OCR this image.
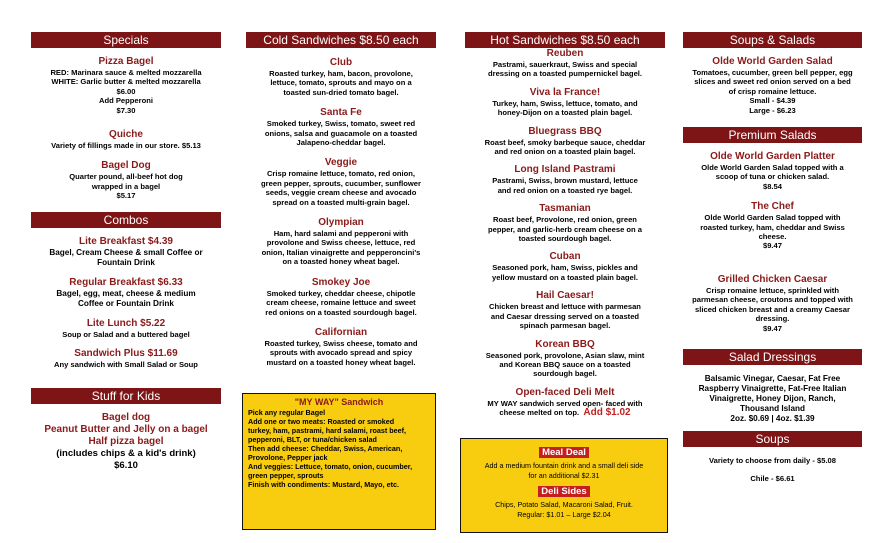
Specials
Pizza Bagel
RED: Marinara sauce & melted mozzarella
WHITE: Garlic butter & melted mozzarella
$6.00
Add Pepperoni
$7.30
Quiche
Variety of fillings made in our store. $5.13
Bagel Dog
Quarter pound, all-beef hot dog
wrapped in a bagel
$5.17
Combos
Lite Breakfast $4.39
Bagel, Cream Cheese & small Coffee or
Fountain Drink
Regular Breakfast $6.33
Bagel, egg, meat, cheese & medium
Coffee or Fountain Drink
Lite Lunch $5.22
Soup or Salad and a buttered bagel
Sandwich Plus $11.69
Any sandwich with Small Salad or Soup
Stuff for Kids
Bagel dog
Peanut Butter and Jelly on a bagel
Half pizza bagel
(includes chips & a kid's drink)
$6.10
Cold Sandwiches $8.50 each
Club
Roasted turkey, ham, bacon, provolone,
lettuce, tomato, sprouts and mayo on a
toasted sun-dried tomato bagel.
Santa Fe
Smoked turkey, Swiss, tomato, sweet red
onions, salsa and guacamole on a toasted
Jalapeno-cheddar bagel.
Veggie
Crisp romaine lettuce, tomato, red onion,
green pepper, sprouts, cucumber, sunflower
seeds, veggie cream cheese and avocado
spread on a toasted multi-grain bagel.
Olympian
Ham, hard salami and pepperoni with
provolone and Swiss cheese, lettuce, red
onion, Italian vinaigrette and pepperoncini's
on a toasted honey wheat bagel.
Smokey Joe
Smoked turkey, cheddar cheese, chipotle
cream cheese, romaine lettuce and sweet
red onions on a toasted sourdough bagel.
Californian
Roasted turkey, Swiss cheese, tomato and
sprouts with avocado spread and spicy
mustard on a toasted honey wheat bagel.
"MY WAY" Sandwich
Pick any regular Bagel
Add one or two meats: Roasted or smoked
turkey, ham, pastrami, hard salami, roast beef,
pepperoni, BLT, or tuna/chicken salad
Then add cheese: Cheddar, Swiss, American,
Provolone, Pepper jack
And veggies: Lettuce, tomato, onion, cucumber,
green pepper, sprouts
Finish with condiments: Mustard, Mayo, etc.
Hot Sandwiches $8.50 each
Reuben
Pastrami, sauerkraut, Swiss and special
dressing on a toasted pumpernickel bagel.
Viva la France!
Turkey, ham, Swiss, lettuce, tomato, and
honey-Dijon on a toasted plain bagel.
Bluegrass BBQ
Roast beef, smoky barbeque sauce, cheddar
and red onion on a toasted plain bagel.
Long Island Pastrami
Pastrami, Swiss, brown mustard, lettuce
and red onion on a toasted rye bagel.
Tasmanian
Roast beef, Provolone, red onion, green
pepper, and garlic-herb cream cheese on a
toasted sourdough bagel.
Cuban
Seasoned pork, ham, Swiss, pickles and
yellow mustard on a toasted plain bagel.
Hail Caesar!
Chicken breast and lettuce with parmesan
and Caesar dressing served on a toasted
spinach parmesan bagel.
Korean BBQ
Seasoned pork, provolone, Asian slaw, mint
and Korean BBQ sauce on a toasted
sourdough bagel.
Open-faced Deli Melt
MY WAY sandwich served open- faced with
cheese melted on top. Add $1.02
Meal Deal
Add a medium fountain drink and a small deli side
for an additional $2.31
Deli Sides
Chips, Potato Salad, Macaroni Salad, Fruit.
Regular: $1.01 – Large $2.04
Soups & Salads
Olde World Garden Salad
Tomatoes, cucumber, green bell pepper, egg
slices and sweet red onion served on a bed
of crisp romaine lettuce.
Small - $4.39
Large - $6.23
Premium Salads
Olde World Garden Platter
Olde World Garden Salad topped with a
scoop of tuna or chicken salad.
$8.54
The Chef
Olde World Garden Salad topped with
roasted turkey, ham, cheddar and Swiss
cheese.
$9.47
Grilled Chicken Caesar
Crisp romaine lettuce, sprinkled with
parmesan cheese, croutons and topped with
sliced chicken breast and a creamy Caesar
dressing.
$9.47
Salad Dressings
Balsamic Vinegar, Caesar, Fat Free
Raspberry Vinaigrette, Fat-Free Italian
Vinaigrette, Honey Dijon, Ranch,
Thousand Island
2oz. $0.69 | 4oz. $1.39
Soups
Variety to choose from daily - $5.08
Chile - $6.61
